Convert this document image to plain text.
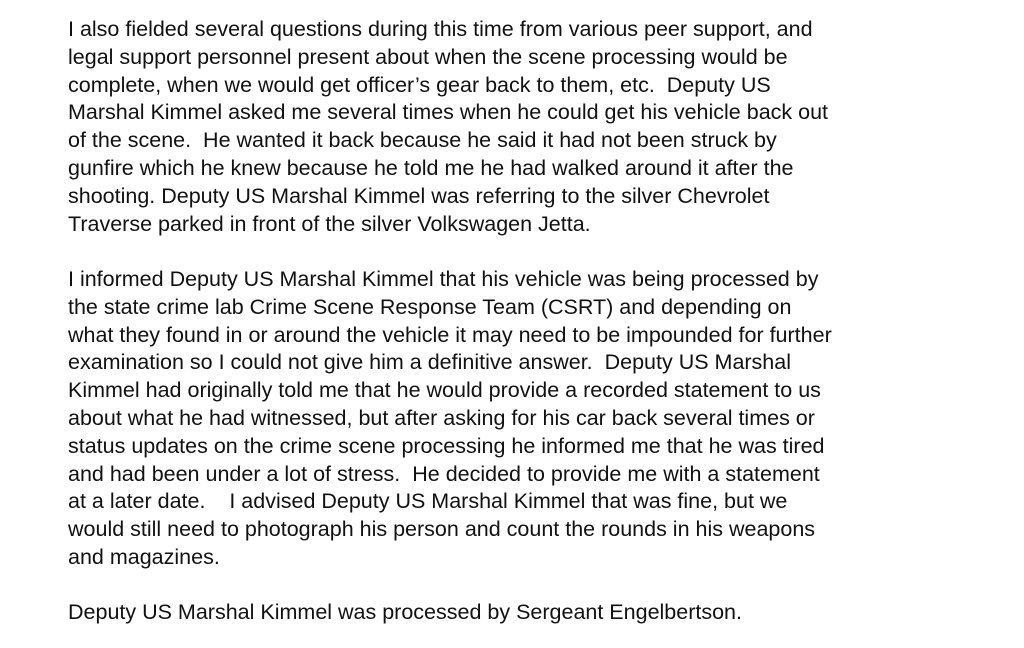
I also fielded several questions during this time from various peer support, and
legal support personnel present about when the scene processing would be
complete, when we would get officer’s gear back to them, etc.  Deputy US
Marshal Kimmel asked me several times when he could get his vehicle back out
of the scene.  He wanted it back because he said it had not been struck by
gunfire which he knew because he told me he had walked around it after the
shooting. Deputy US Marshal Kimmel was referring to the silver Chevrolet
Traverse parked in front of the silver Volkswagen Jetta.

I informed Deputy US Marshal Kimmel that his vehicle was being processed by
the state crime lab Crime Scene Response Team (CSRT) and depending on
what they found in or around the vehicle it may need to be impounded for further
examination so I could not give him a definitive answer.  Deputy US Marshal
Kimmel had originally told me that he would provide a recorded statement to us
about what he had witnessed, but after asking for his car back several times or
status updates on the crime scene processing he informed me that he was tired
and had been under a lot of stress.  He decided to provide me with a statement
at a later date.    I advised Deputy US Marshal Kimmel that was fine, but we
would still need to photograph his person and count the rounds in his weapons
and magazines.

Deputy US Marshal Kimmel was processed by Sergeant Engelbertson.
